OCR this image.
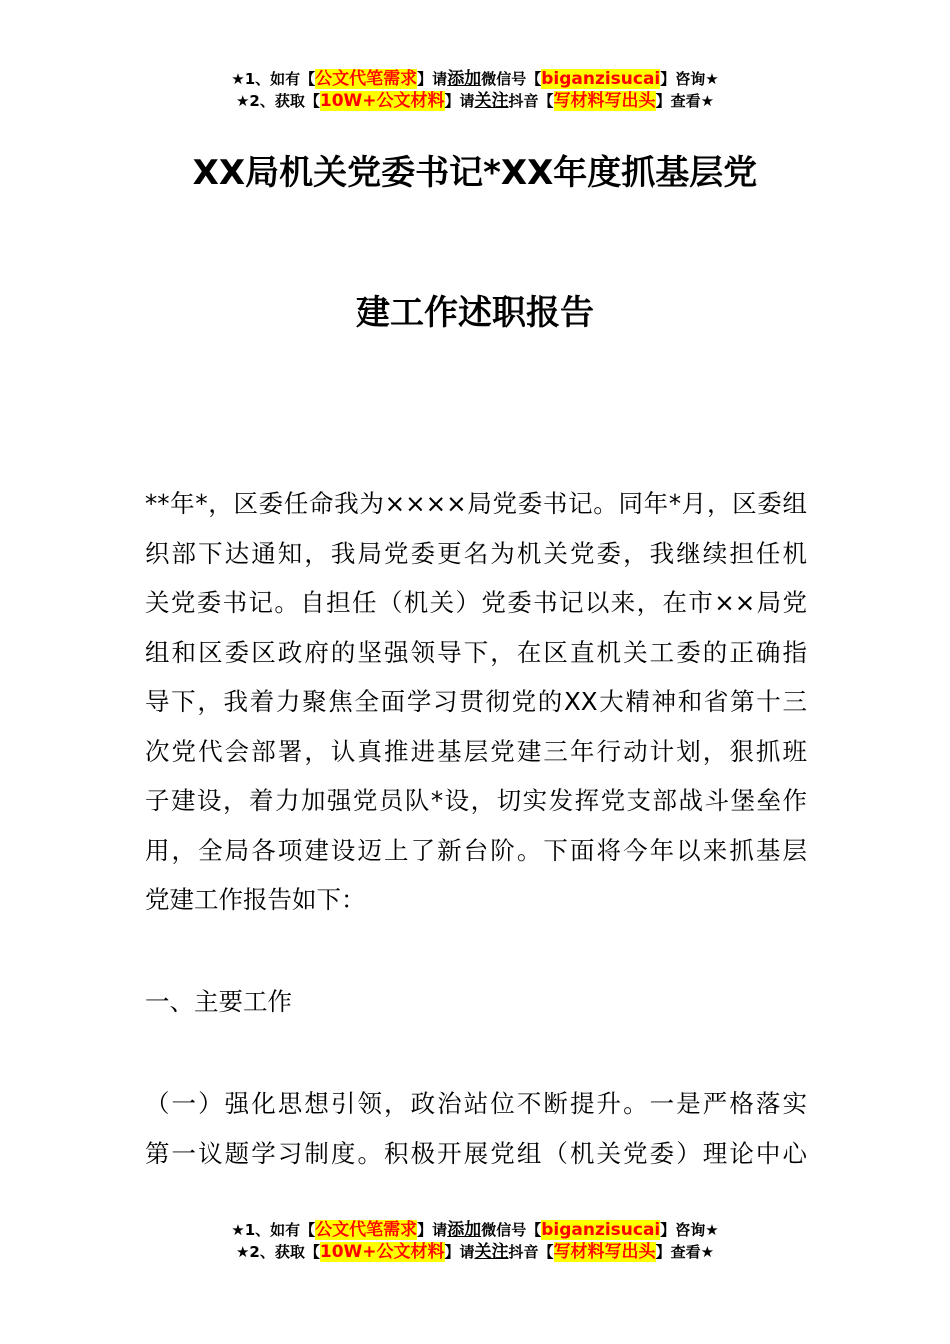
★1、如有【公文代笔需求】请添加微信号【biganzisucai】咨询★
★2、获取【10W+公文材料】请关注抖音【写材料写出头】查看★
XX局机关党委书记*XX年度抓基层党
建工作述职报告
**年*，区委任命我为××××局党委书记。同年*月，区委组
织部下达通知，我局党委更名为机关党委，我继续担任机
关党委书记。自担任（机关）党委书记以来，在市××局党
组和区委区政府的坚强领导下，在区直机关工委的正确指
导下，我着力聚焦全面学习贯彻党的XX大精神和省第十三
次党代会部署，认真推进基层党建三年行动计划，狠抓班
子建设，着力加强党员队*设，切实发挥党支部战斗堡垒作
用，全局各项建设迈上了新台阶。下面将今年以来抓基层
党建工作报告如下：
一、主要工作
（一）强化思想引领，政治站位不断提升。一是严格落实
第一议题学习制度。积极开展党组（机关党委）理论中心
★1、如有【公文代笔需求】请添加微信号【biganzisucai】咨询★
★2、获取【10W+公文材料】请关注抖音【写材料写出头】查看★
